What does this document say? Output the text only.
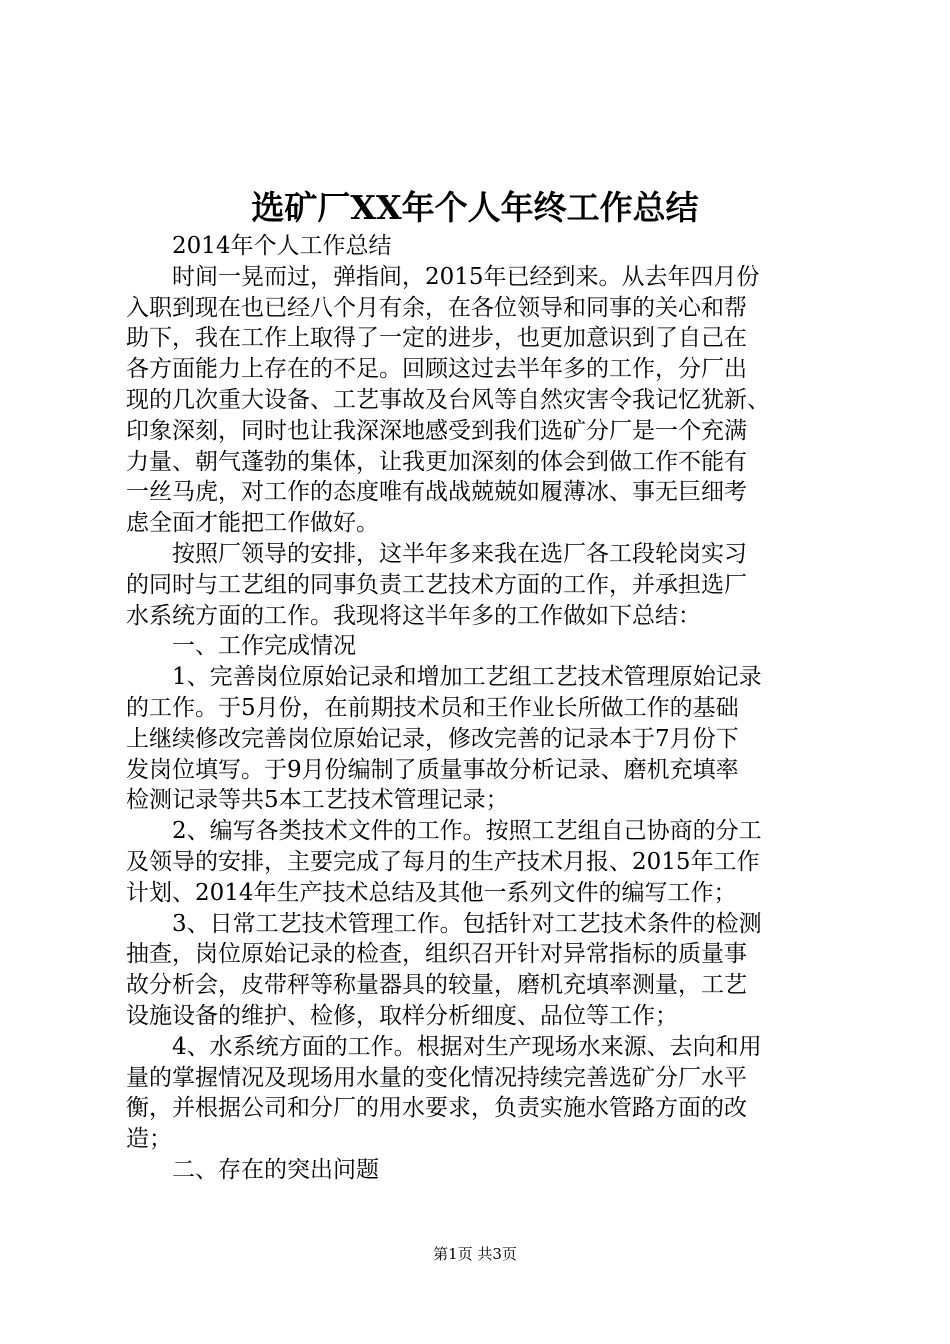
选矿厂XX年个人年终工作总结
　　2014年个人工作总结
　　时间一晃而过，弹指间，2015年已经到来。从去年四月份
入职到现在也已经八个月有余，在各位领导和同事的关心和帮
助下，我在工作上取得了一定的进步，也更加意识到了自己在
各方面能力上存在的不足。回顾这过去半年多的工作，分厂出
现的几次重大设备、工艺事故及台风等自然灾害令我记忆犹新、
印象深刻，同时也让我深深地感受到我们选矿分厂是一个充满
力量、朝气蓬勃的集体，让我更加深刻的体会到做工作不能有
一丝马虎，对工作的态度唯有战战兢兢如履薄冰、事无巨细考
虑全面才能把工作做好。
　　按照厂领导的安排，这半年多来我在选厂各工段轮岗实习
的同时与工艺组的同事负责工艺技术方面的工作，并承担选厂
水系统方面的工作。我现将这半年多的工作做如下总结：
　　一、工作完成情况
　　1、完善岗位原始记录和增加工艺组工艺技术管理原始记录
的工作。于5月份，在前期技术员和王作业长所做工作的基础
上继续修改完善岗位原始记录，修改完善的记录本于7月份下
发岗位填写。于9月份编制了质量事故分析记录、磨机充填率
检测记录等共5本工艺技术管理记录；
　　2、编写各类技术文件的工作。按照工艺组自己协商的分工
及领导的安排，主要完成了每月的生产技术月报、2015年工作
计划、2014年生产技术总结及其他一系列文件的编写工作；
　　3、日常工艺技术管理工作。包括针对工艺技术条件的检测
抽查，岗位原始记录的检查，组织召开针对异常指标的质量事
故分析会，皮带秤等称量器具的较量，磨机充填率测量，工艺
设施设备的维护、检修，取样分析细度、品位等工作；
　　4、水系统方面的工作。根据对生产现场水来源、去向和用
量的掌握情况及现场用水量的变化情况持续完善选矿分厂水平
衡，并根据公司和分厂的用水要求，负责实施水管路方面的改
造；
　　二、存在的突出问题
第1页 共3页
